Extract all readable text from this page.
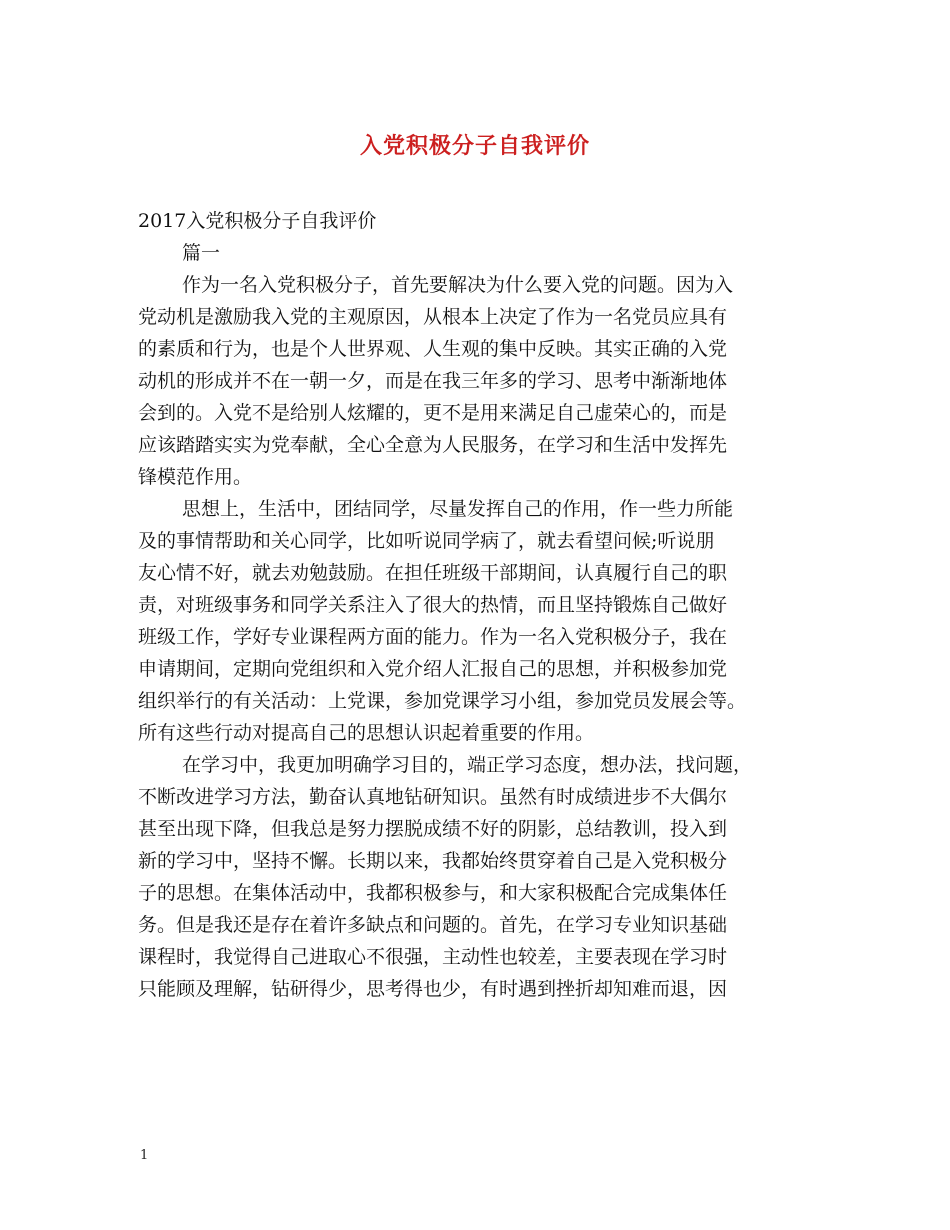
入党积极分子自我评价
2017入党积极分子自我评价
篇一
作为一名入党积极分子，首先要解决为什么要入党的问题。因为入
党动机是激励我入党的主观原因，从根本上决定了作为一名党员应具有
的素质和行为，也是个人世界观、人生观的集中反映。其实正确的入党
动机的形成并不在一朝一夕，而是在我三年多的学习、思考中渐渐地体
会到的。入党不是给别人炫耀的，更不是用来满足自己虚荣心的，而是
应该踏踏实实为党奉献，全心全意为人民服务，在学习和生活中发挥先
锋模范作用。
思想上，生活中，团结同学，尽量发挥自己的作用，作一些力所能
及的事情帮助和关心同学，比如听说同学病了，就去看望问候;听说朋
友心情不好，就去劝勉鼓励。在担任班级干部期间，认真履行自己的职
责，对班级事务和同学关系注入了很大的热情，而且坚持锻炼自己做好
班级工作，学好专业课程两方面的能力。作为一名入党积极分子，我在
申请期间，定期向党组织和入党介绍人汇报自己的思想，并积极参加党
组织举行的有关活动：上党课，参加党课学习小组，参加党员发展会等。
所有这些行动对提高自己的思想认识起着重要的作用。
在学习中，我更加明确学习目的，端正学习态度，想办法，找问题，
不断改进学习方法，勤奋认真地钻研知识。虽然有时成绩进步不大偶尔
甚至出现下降，但我总是努力摆脱成绩不好的阴影，总结教训，投入到
新的学习中，坚持不懈。长期以来，我都始终贯穿着自己是入党积极分
子的思想。在集体活动中，我都积极参与，和大家积极配合完成集体任
务。但是我还是存在着许多缺点和问题的。首先，在学习专业知识基础
课程时，我觉得自己进取心不很强，主动性也较差，主要表现在学习时
只能顾及理解，钻研得少，思考得也少，有时遇到挫折却知难而退，因
1
